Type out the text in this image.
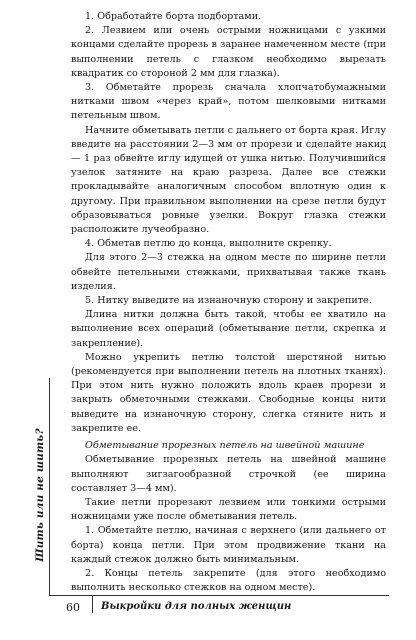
1. Обработайте борта подбортами.

2. Лезвием или очень острыми ножницами с узкими концами сделайте прорезь в заранее намеченном месте (при выполнении петель с глазком необходимо вырезать квадратик со стороной 2 мм для глазка).

3. Обметайте прорезь сначала хлопчатобумажными нитками швом «через край», потом шелковыми нитками петельным швом.

Начните обметывать петли с дальнего от борта края. Иглу введите на расстоянии 2—3 мм от прорези и сделайте накид — 1 раз обвейте иглу идущей от ушка нитью. Получившийся узелок затяните на краю разреза. Далее все стежки прокладывайте аналогичным способом вплотную один к другому. При правильном выполнении на срезе петли будут образовываться ровные узелки. Вокруг глазка стежки расположите лучеобразно.

4. Обметав петлю до конца, выполните скрепку.

Для этого 2—3 стежка на одном месте по ширине петли обвейте петельными стежками, прихватывая также ткань изделия.

5. Нитку выведите на изнаночную сторону и закрепите.

Длина нитки должна быть такой, чтобы ее хватило на выполнение всех операций (обметывание петли, скрепка и закрепление).

Можно укрепить петлю толстой шерстяной нитью (рекомендуется при выполнении петель на плотных тканях). При этом нить нужно положить вдоль краев прорези и закрыть обметочными стежками. Свободные концы нити выведите на изнаночную сторону, слегка стяните нить и закрепите ее.

Обметывание прорезных петель на швейной машине

Обметывание прорезных петель на швейной машине выполняют зигзагообразной строчкой (ее ширина составляет 3—4 мм).

Такие петли прорезают лезвием или тонкими острыми ножницами уже после обметывания петель.

1. Обметайте петлю, начиная с верхнего (или дальнего от борта) конца петли. При этом продвижение ткани на каждый стежок должно быть минимальным.

2. Концы петель закрепите (для этого необходимо выполнить несколько стежков на одном месте).

Шить или не шить?
60 Выкройки для полных женщин
